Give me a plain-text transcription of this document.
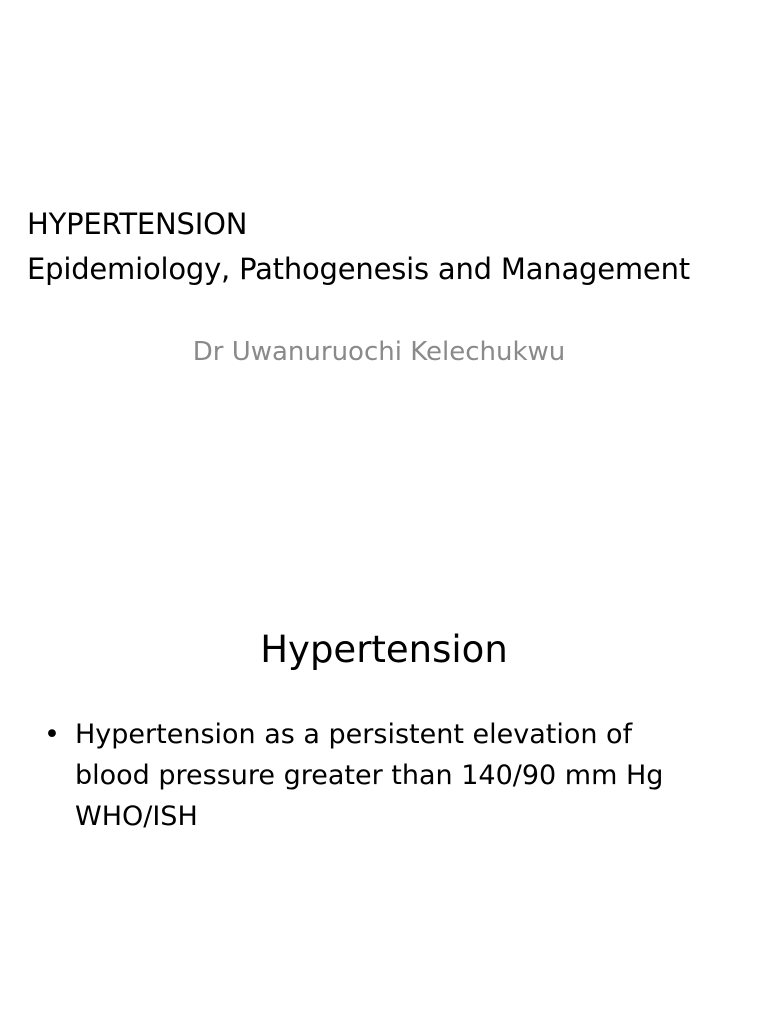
HYPERTENSION
Epidemiology, Pathogenesis and Management
Dr Uwanuruochi Kelechukwu
Hypertension
• Hypertension as a persistent elevation of
blood pressure greater than 140/90 mm Hg
WHO/ISH
